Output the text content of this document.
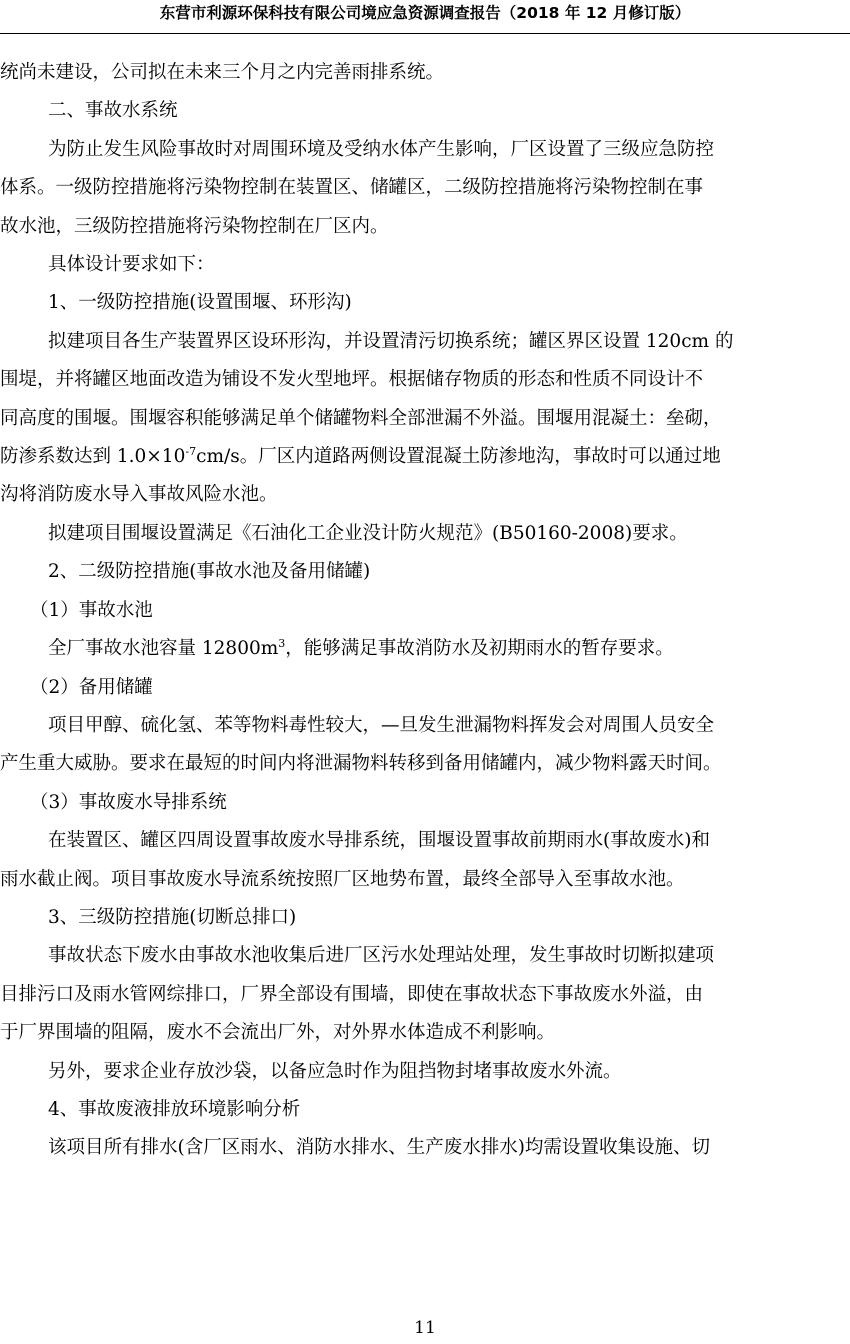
东营市利源环保科技有限公司境应急资源调查报告（2018 年 12 月修订版）
统尚未建设，公司拟在未来三个月之内完善雨排系统。
二、事故水系统
为防止发生风险事故时对周围环境及受纳水体产生影响，厂区设置了三级应急防控
体系。一级防控措施将污染物控制在装置区、储罐区，二级防控措施将污染物控制在事
故水池，三级防控措施将污染物控制在厂区内。
具体设计要求如下：
1、一级防控措施(设置围堰、环形沟)
拟建项目各生产装置界区设环形沟，并设置清污切换系统；罐区界区设置 120cm 的
围堤，并将罐区地面改造为铺设不发火型地坪。根据储存物质的形态和性质不同设计不
同高度的围堰。围堰容积能够满足单个储罐物料全部泄漏不外溢。围堰用混凝土：垒砌，
防渗系数达到 $1.0\times 10^{-7}cm/s$。厂区内道路两侧设置混凝土防渗地沟，事故时可以通过地
沟将消防废水导入事故风险水池。
拟建项目围堰设置满足《石油化工企业没计防火规范》(B50160-2008)要求。
2、二级防控措施(事故水池及备用储罐)
（1）事故水池
全厂事故水池容量 $12800m^3$，能够满足事故消防水及初期雨水的暂存要求。
（2）备用储罐
项目甲醇、硫化氢、苯等物料毒性较大，—旦发生泄漏物料挥发会对周围人员安全
产生重大威胁。要求在最短的时间内将泄漏物料转移到备用储罐内，减少物料露天时间。
（3）事故废水导排系统
在装置区、罐区四周设置事故废水导排系统，围堰设置事故前期雨水(事故废水)和
雨水截止阀。项目事故废水导流系统按照厂区地势布置，最终全部导入至事故水池。
3、三级防控措施(切断总排口)
事故状态下废水由事故水池收集后进厂区污水处理站处理，发生事故时切断拟建项
目排污口及雨水管网综排口，厂界全部设有围墙，即使在事故状态下事故废水外溢，由
于厂界围墙的阻隔，废水不会流出厂外，对外界水体造成不利影响。
另外，要求企业存放沙袋，以备应急时作为阻挡物封堵事故废水外流。
4、事故废液排放环境影响分析
该项目所有排水(含厂区雨水、消防水排水、生产废水排水)均需设置收集设施、切
11
